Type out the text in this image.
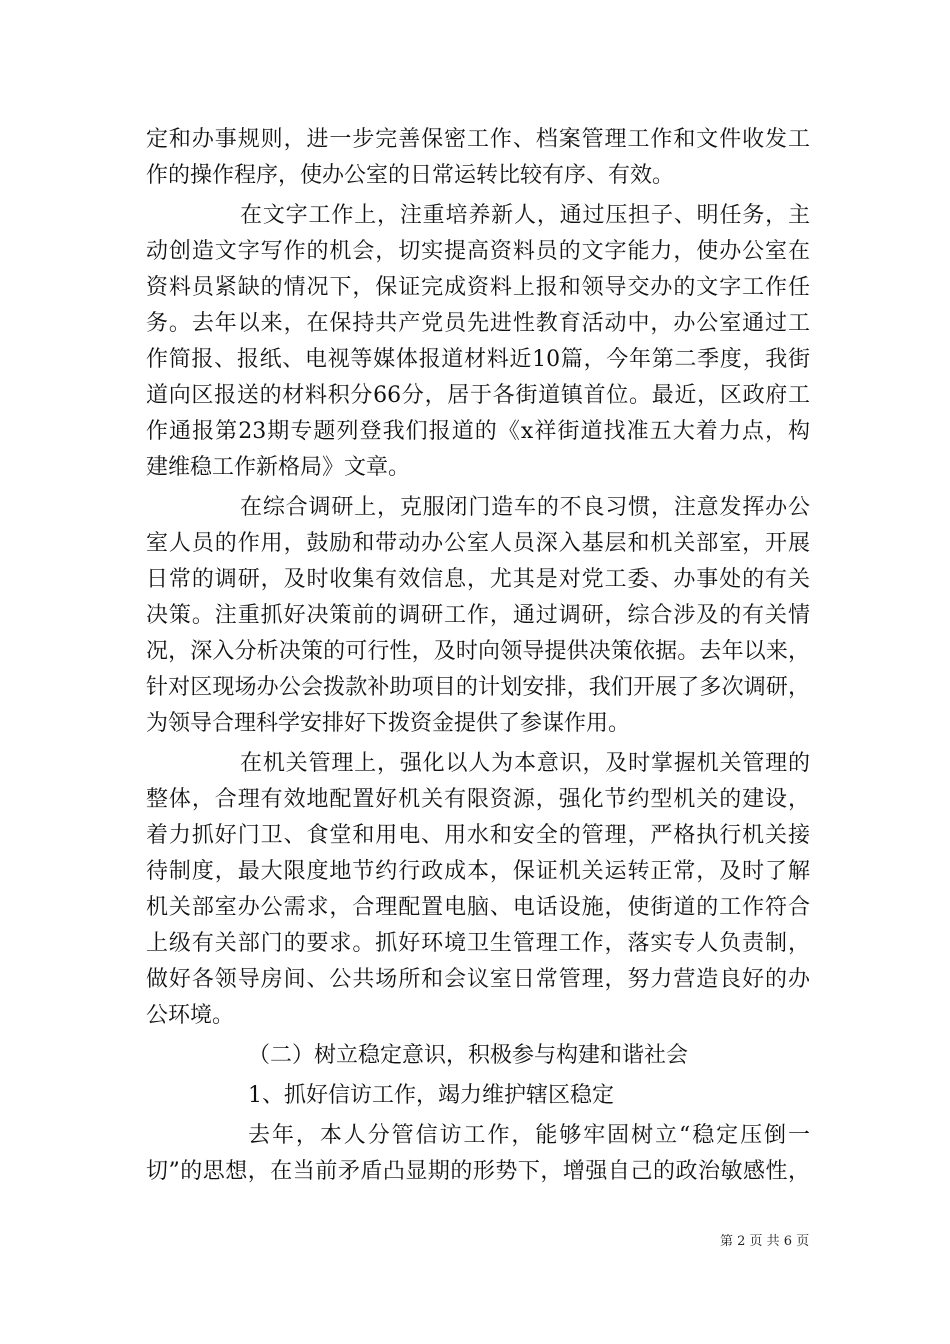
定和办事规则，进一步完善保密工作、档案管理工作和文件收发工
作的操作程序，使办公室的日常运转比较有序、有效。
在文字工作上，注重培养新人，通过压担子、明任务，主
动创造文字写作的机会，切实提高资料员的文字能力，使办公室在
资料员紧缺的情况下，保证完成资料上报和领导交办的文字工作任
务。去年以来，在保持共产党员先进性教育活动中，办公室通过工
作简报、报纸、电视等媒体报道材料近10篇，今年第二季度，我街
道向区报送的材料积分66分，居于各街道镇首位。最近，区政府工
作通报第23期专题列登我们报道的《x祥街道找准五大着力点，构
建维稳工作新格局》文章。
在综合调研上，克服闭门造车的不良习惯，注意发挥办公
室人员的作用，鼓励和带动办公室人员深入基层和机关部室，开展
日常的调研，及时收集有效信息，尤其是对党工委、办事处的有关
决策。注重抓好决策前的调研工作，通过调研，综合涉及的有关情
况，深入分析决策的可行性，及时向领导提供决策依据。去年以来，
针对区现场办公会拨款补助项目的计划安排，我们开展了多次调研，
为领导合理科学安排好下拨资金提供了参谋作用。
在机关管理上，强化以人为本意识，及时掌握机关管理的
整体，合理有效地配置好机关有限资源，强化节约型机关的建设，
着力抓好门卫、食堂和用电、用水和安全的管理，严格执行机关接
待制度，最大限度地节约行政成本，保证机关运转正常，及时了解
机关部室办公需求，合理配置电脑、电话设施，使街道的工作符合
上级有关部门的要求。抓好环境卫生管理工作，落实专人负责制，
做好各领导房间、公共场所和会议室日常管理，努力营造良好的办
公环境。
（二）树立稳定意识，积极参与构建和谐社会
1、抓好信访工作，竭力维护辖区稳定
去年，本人分管信访工作，能够牢固树立“稳定压倒一
切”的思想，在当前矛盾凸显期的形势下，增强自己的政治敏感性，
第 2 页 共 6 页
